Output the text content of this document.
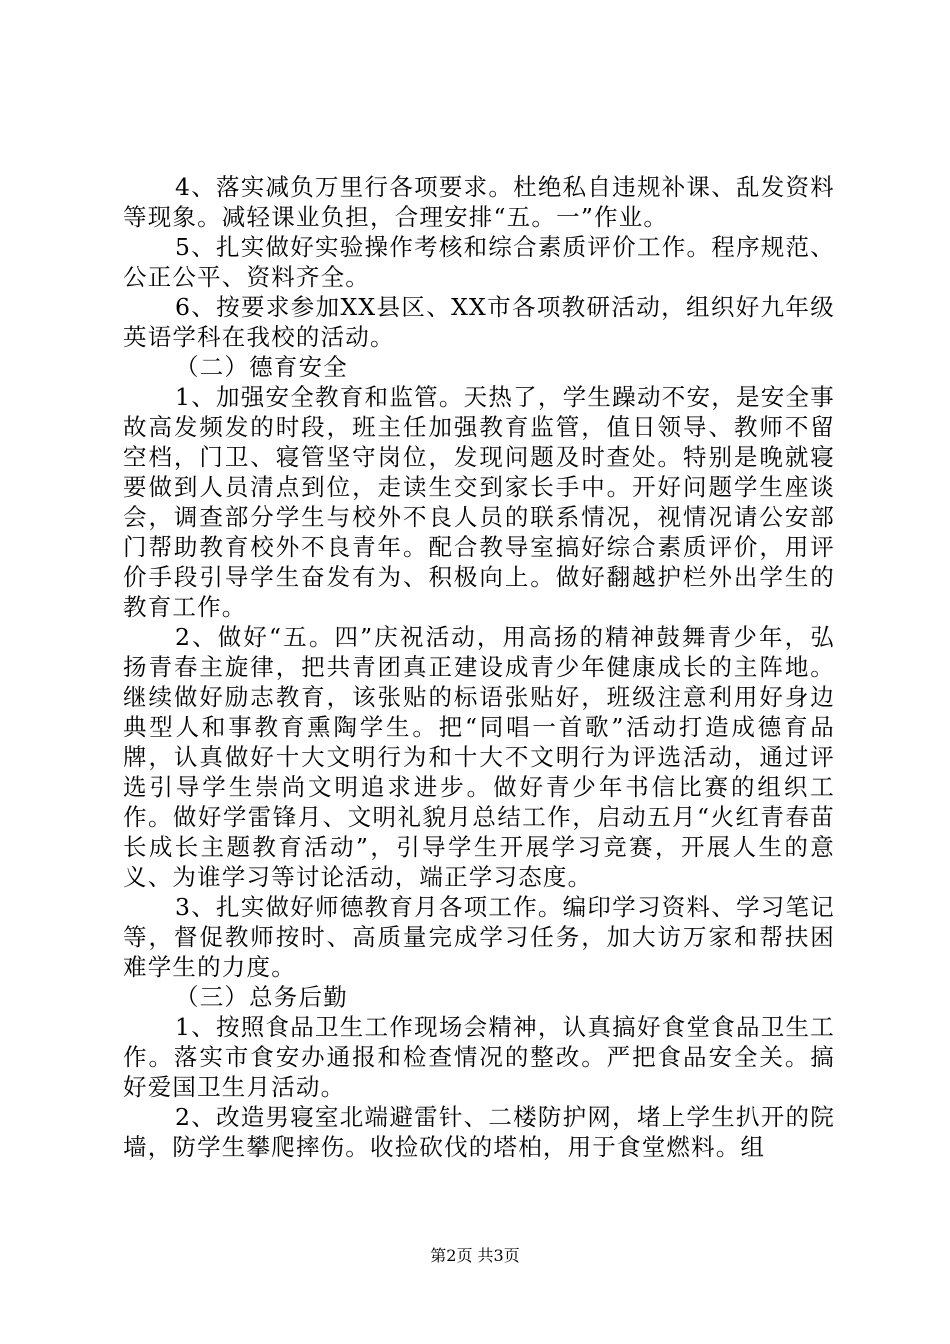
4、落实减负万里行各项要求。杜绝私自违规补课、乱发资料等现象。减轻课业负担，合理安排“五。一”作业。

5、扎实做好实验操作考核和综合素质评价工作。程序规范、公正公平、资料齐全。

6、按要求参加XX县区、XX市各项教研活动，组织好九年级英语学科在我校的活动。

（二）德育安全

1、加强安全教育和监管。天热了，学生躁动不安，是安全事故高发频发的时段，班主任加强教育监管，值日领导、教师不留空档，门卫、寝管坚守岗位，发现问题及时查处。特别是晚就寝要做到人员清点到位，走读生交到家长手中。开好问题学生座谈会，调查部分学生与校外不良人员的联系情况，视情况请公安部门帮助教育校外不良青年。配合教导室搞好综合素质评价，用评价手段引导学生奋发有为、积极向上。做好翻越护栏外出学生的教育工作。

2、做好“五。四”庆祝活动，用高扬的精神鼓舞青少年，弘扬青春主旋律，把共青团真正建设成青少年健康成长的主阵地。继续做好励志教育，该张贴的标语张贴好，班级注意利用好身边典型人和事教育熏陶学生。把“同唱一首歌”活动打造成德育品牌，认真做好十大文明行为和十大不文明行为评选活动，通过评选引导学生崇尚文明追求进步。做好青少年书信比赛的组织工作。做好学雷锋月、文明礼貌月总结工作，启动五月“火红青春苗长成长主题教育活动”，引导学生开展学习竞赛，开展人生的意义、为谁学习等讨论活动，端正学习态度。

3、扎实做好师德教育月各项工作。编印学习资料、学习笔记等，督促教师按时、高质量完成学习任务，加大访万家和帮扶困难学生的力度。

（三）总务后勤

1、按照食品卫生工作现场会精神，认真搞好食堂食品卫生工作。落实市食安办通报和检查情况的整改。严把食品安全关。搞好爱国卫生月活动。

2、改造男寝室北端避雷针、二楼防护网，堵上学生扒开的院墙，防学生攀爬摔伤。收捡砍伐的塔柏，用于食堂燃料。组

第2页 共3页
